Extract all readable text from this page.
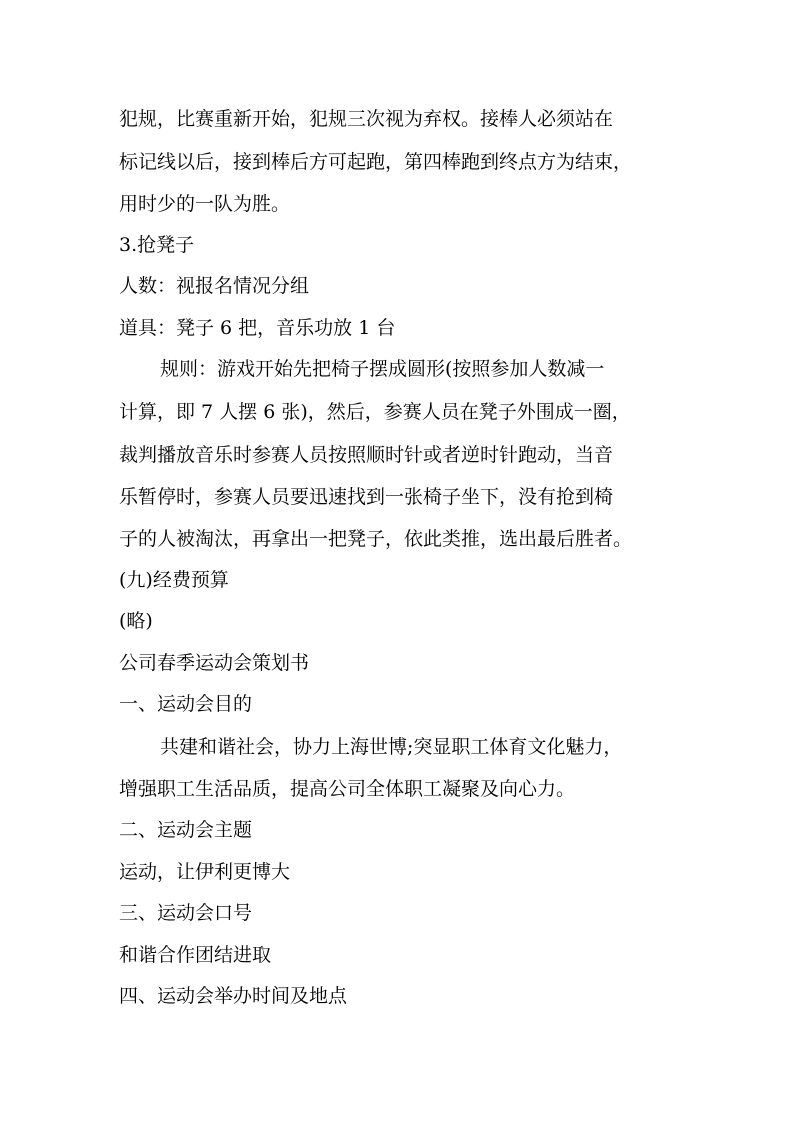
犯规，比赛重新开始，犯规三次视为弃权。接棒人必须站在
标记线以后，接到棒后方可起跑，第四棒跑到终点方为结束，
用时少的一队为胜。
3.抢凳子
人数：视报名情况分组
道具：凳子 6 把，音乐功放 1 台
规则：游戏开始先把椅子摆成圆形(按照参加人数减一
计算，即 7 人摆 6 张)，然后，参赛人员在凳子外围成一圈，
裁判播放音乐时参赛人员按照顺时针或者逆时针跑动，当音
乐暂停时，参赛人员要迅速找到一张椅子坐下，没有抢到椅
子的人被淘汰，再拿出一把凳子，依此类推，选出最后胜者。
(九)经费预算
(略)
公司春季运动会策划书
一、运动会目的
共建和谐社会，协力上海世博;突显职工体育文化魅力，
增强职工生活品质，提高公司全体职工凝聚及向心力。
二、运动会主题
运动，让伊利更博大
三、运动会口号
和谐合作团结进取
四、运动会举办时间及地点
